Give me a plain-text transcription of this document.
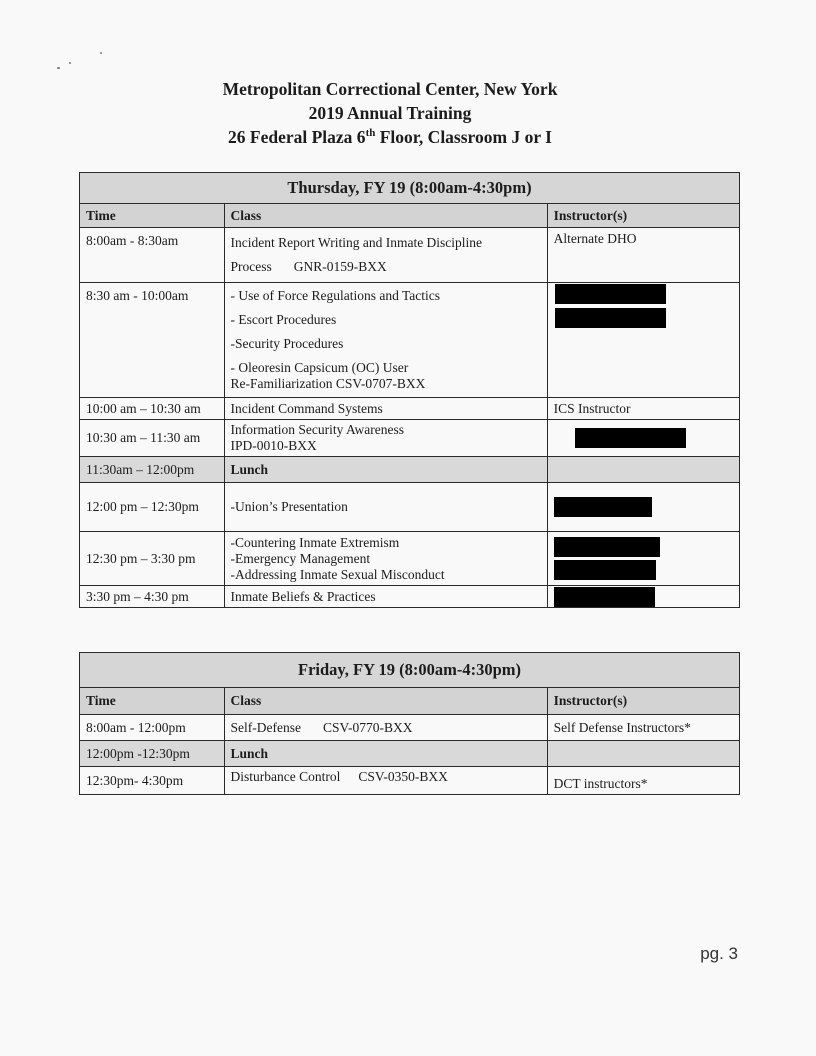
Metropolitan Correctional Center, New York
2019 Annual Training
26 Federal Plaza 6th Floor, Classroom J or I
Thursday, FY 19 (8:00am-4:30pm)		
Time	Class	Instructor(s)
8:00am - 8:30am	Incident Report Writing and Inmate Discipline
Process GNR-0159-BXX	Alternate DHO
8:30 am - 10:00am	- Use of Force Regulations and Tactics
- Escort Procedures
-Security Procedures
- Oleoresin Capsicum (OC) User
Re-Familiarization CSV-0707-BXX	

10:00 am – 10:30 am	Incident Command Systems	ICS Instructor
10:30 am – 11:30 am	Information Security Awareness
IPD-0010-BXX	

11:30am – 12:00pm	Lunch	
12:00 pm – 12:30pm	-Union’s Presentation	

12:30 pm – 3:30 pm	-Countering Inmate Extremism
-Emergency Management
-Addressing Inmate Sexual Misconduct	

3:30 pm – 4:30 pm	Inmate Beliefs & Practices	
Friday, FY 19 (8:00am-4:30pm)		
Time	Class	Instructor(s)
8:00am - 12:00pm	Self-Defense CSV-0770-BXX	Self Defense Instructors*
12:00pm -12:30pm	Lunch	
12:30pm- 4:30pm	Disturbance Control CSV-0350-BXX	DCT instructors*
pg. 3
